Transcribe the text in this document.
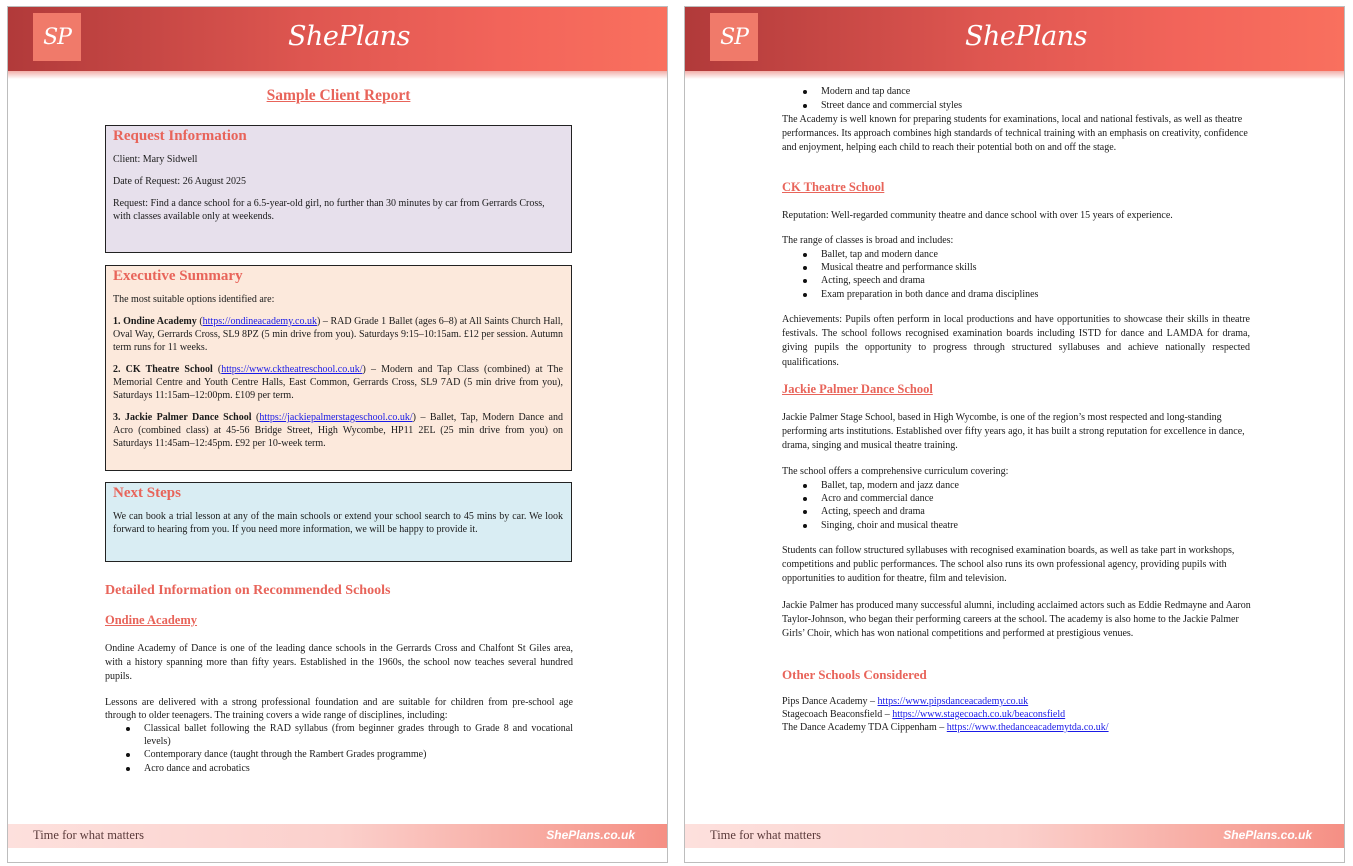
SP	ShePlans
Sample Client Report
Request Information

Client: Mary Sidwell

Date of Request: 26 August 2025

Request: Find a dance school for a 6.5-year-old girl, no further than 30 minutes by car from Gerrards Cross, with classes available only at weekends.

Executive Summary

The most suitable options identified are:

1. Ondine Academy (https://ondineacademy.co.uk) – RAD Grade 1 Ballet (ages 6–8) at All Saints Church Hall, Oval Way, Gerrards Cross, SL9 8PZ (5 min drive from you). Saturdays 9:15–10:15am. £12 per session. Autumn term runs for 11 weeks.

2. CK Theatre School (https://www.cktheatreschool.co.uk/) – Modern and Tap Class (combined) at The Memorial Centre and Youth Centre Halls, East Common, Gerrards Cross, SL9 7AD (5 min drive from you), Saturdays 11:15am–12:00pm. £109 per term.

3. Jackie Palmer Dance School (https://jackiepalmerstageschool.co.uk/) – Ballet, Tap, Modern Dance and Acro (combined class) at 45-56 Bridge Street, High Wycombe, HP11 2EL (25 min drive from you) on Saturdays 11:45am–12:45pm. £92 per 10-week term.

Next Steps

We can book a trial lesson at any of the main schools or extend your school search to 45 mins by car. We look forward to hearing from you. If you need more information, we will be happy to provide it.

Detailed Information on Recommended Schools
Ondine Academy

Ondine Academy of Dance is one of the leading dance schools in the Gerrards Cross and Chalfont St Giles area, with a history spanning more than fifty years. Established in the 1960s, the school now teaches several hundred pupils.

Lessons are delivered with a strong professional foundation and are suitable for children from pre-school age through to older teenagers. The training covers a wide range of disciplines, including:

Classical ballet following the RAD syllabus (from beginner grades through to Grade 8 and vocational levels)
Contemporary dance (taught through the Rambert Grades programme)
Acro dance and acrobatics
Time for what matters	ShePlans.co.uk
SP	ShePlans
Modern and tap dance
Street dance and commercial styles

The Academy is well known for preparing students for examinations, local and national festivals, as well as theatre performances. Its approach combines high standards of technical training with an emphasis on creativity, confidence and enjoyment, helping each child to reach their potential both on and off the stage.

CK Theatre School

Reputation: Well-regarded community theatre and dance school with over 15 years of experience.

The range of classes is broad and includes:

Ballet, tap and modern dance
Musical theatre and performance skills
Acting, speech and drama
Exam preparation in both dance and drama disciplines

Achievements: Pupils often perform in local productions and have opportunities to showcase their skills in theatre festivals. The school follows recognised examination boards including ISTD for dance and LAMDA for drama, giving pupils the opportunity to progress through structured syllabuses and achieve nationally respected qualifications.

Jackie Palmer Dance School

Jackie Palmer Stage School, based in High Wycombe, is one of the region’s most respected and long-standing performing arts institutions. Established over fifty years ago, it has built a strong reputation for excellence in dance, drama, singing and musical theatre training.

The school offers a comprehensive curriculum covering:

Ballet, tap, modern and jazz dance
Acro and commercial dance
Acting, speech and drama
Singing, choir and musical theatre

Students can follow structured syllabuses with recognised examination boards, as well as take part in workshops, competitions and public performances. The school also runs its own professional agency, providing pupils with opportunities to audition for theatre, film and television.

Jackie Palmer has produced many successful alumni, including acclaimed actors such as Eddie Redmayne and Aaron Taylor-Johnson, who began their performing careers at the school. The academy is also home to the Jackie Palmer Girls’ Choir, which has won national competitions and performed at prestigious venues.

Other Schools Considered
Pips Dance Academy – https://www.pipsdanceacademy.co.uk
Stagecoach Beaconsfield – https://www.stagecoach.co.uk/beaconsfield
The Dance Academy TDA Cippenham – https://www.thedanceacademytda.co.uk/
Time for what matters	ShePlans.co.uk
